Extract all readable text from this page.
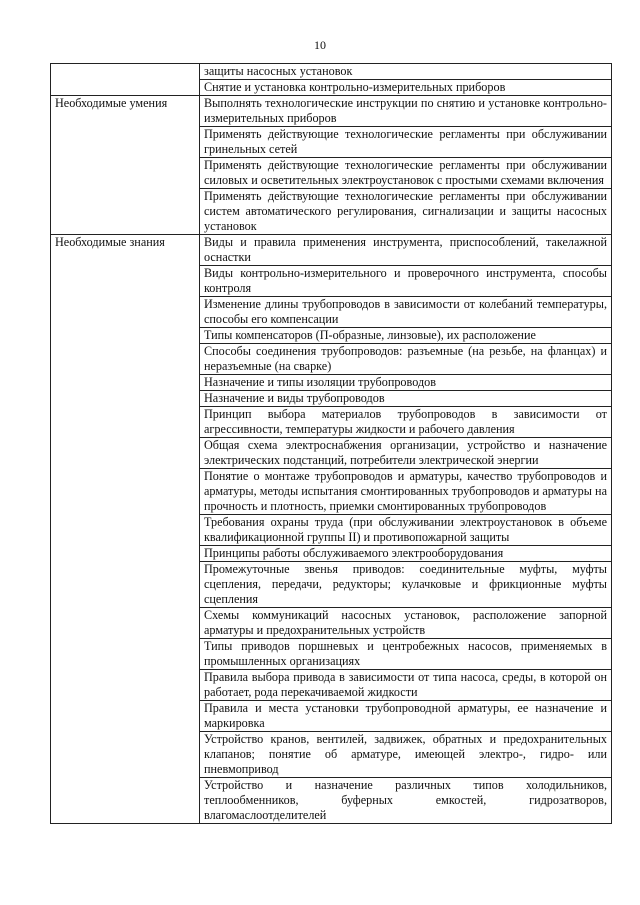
10
	защиты насосных установок
	Снятие и установка контрольно-измерительных приборов
Необходимые умения	Выполнять технологические инструкции по снятию и установке контрольно-измерительных приборов
	Применять действующие технологические регламенты при обслуживании гринельных сетей
	Применять действующие технологические регламенты при обслуживании силовых и осветительных электроустановок с простыми схемами включения
	Применять действующие технологические регламенты при обслуживании систем автоматического регулирования, сигнализации и защиты насосных установок
Необходимые знания	Виды и правила применения инструмента, приспособлений, такелажной оснастки
	Виды контрольно-измерительного и проверочного инструмента, способы контроля
	Изменение длины трубопроводов в зависимости от колебаний температуры, способы его компенсации
	Типы компенсаторов (П-образные, линзовые), их расположение
	Способы соединения трубопроводов: разъемные (на резьбе, на фланцах) и неразъемные (на сварке)
	Назначение и типы изоляции трубопроводов
	Назначение и виды трубопроводов
	Принцип выбора материалов трубопроводов в зависимости от агрессивности, температуры жидкости и рабочего давления
	Общая схема электроснабжения организации, устройство и назначение электрических подстанций, потребители электрической энергии
	Понятие о монтаже трубопроводов и арматуры, качество трубопроводов и арматуры, методы испытания смонтированных трубопроводов и арматуры на прочность и плотность, приемки смонтированных трубопроводов
	Требования охраны труда (при обслуживании электроустановок в объеме квалификационной группы II) и противопожарной защиты
	Принципы работы обслуживаемого электрооборудования
	Промежуточные звенья приводов: соединительные муфты, муфты сцепления, передачи, редукторы; кулачковые и фрикционные муфты сцепления
	Схемы коммуникаций насосных установок, расположение запорной арматуры и предохранительных устройств
	Типы приводов поршневых и центробежных насосов, применяемых в промышленных организациях
	Правила выбора привода в зависимости от типа насоса, среды, в которой он работает, рода перекачиваемой жидкости
	Правила и места установки трубопроводной арматуры, ее назначение и маркировка
	Устройство кранов, вентилей, задвижек, обратных и предохранительных клапанов; понятие об арматуре, имеющей электро-, гидро- или пневмопривод
	Устройство и назначение различных типов холодильников, теплообменников, буферных емкостей, гидрозатворов, влагомаслоотделителей
